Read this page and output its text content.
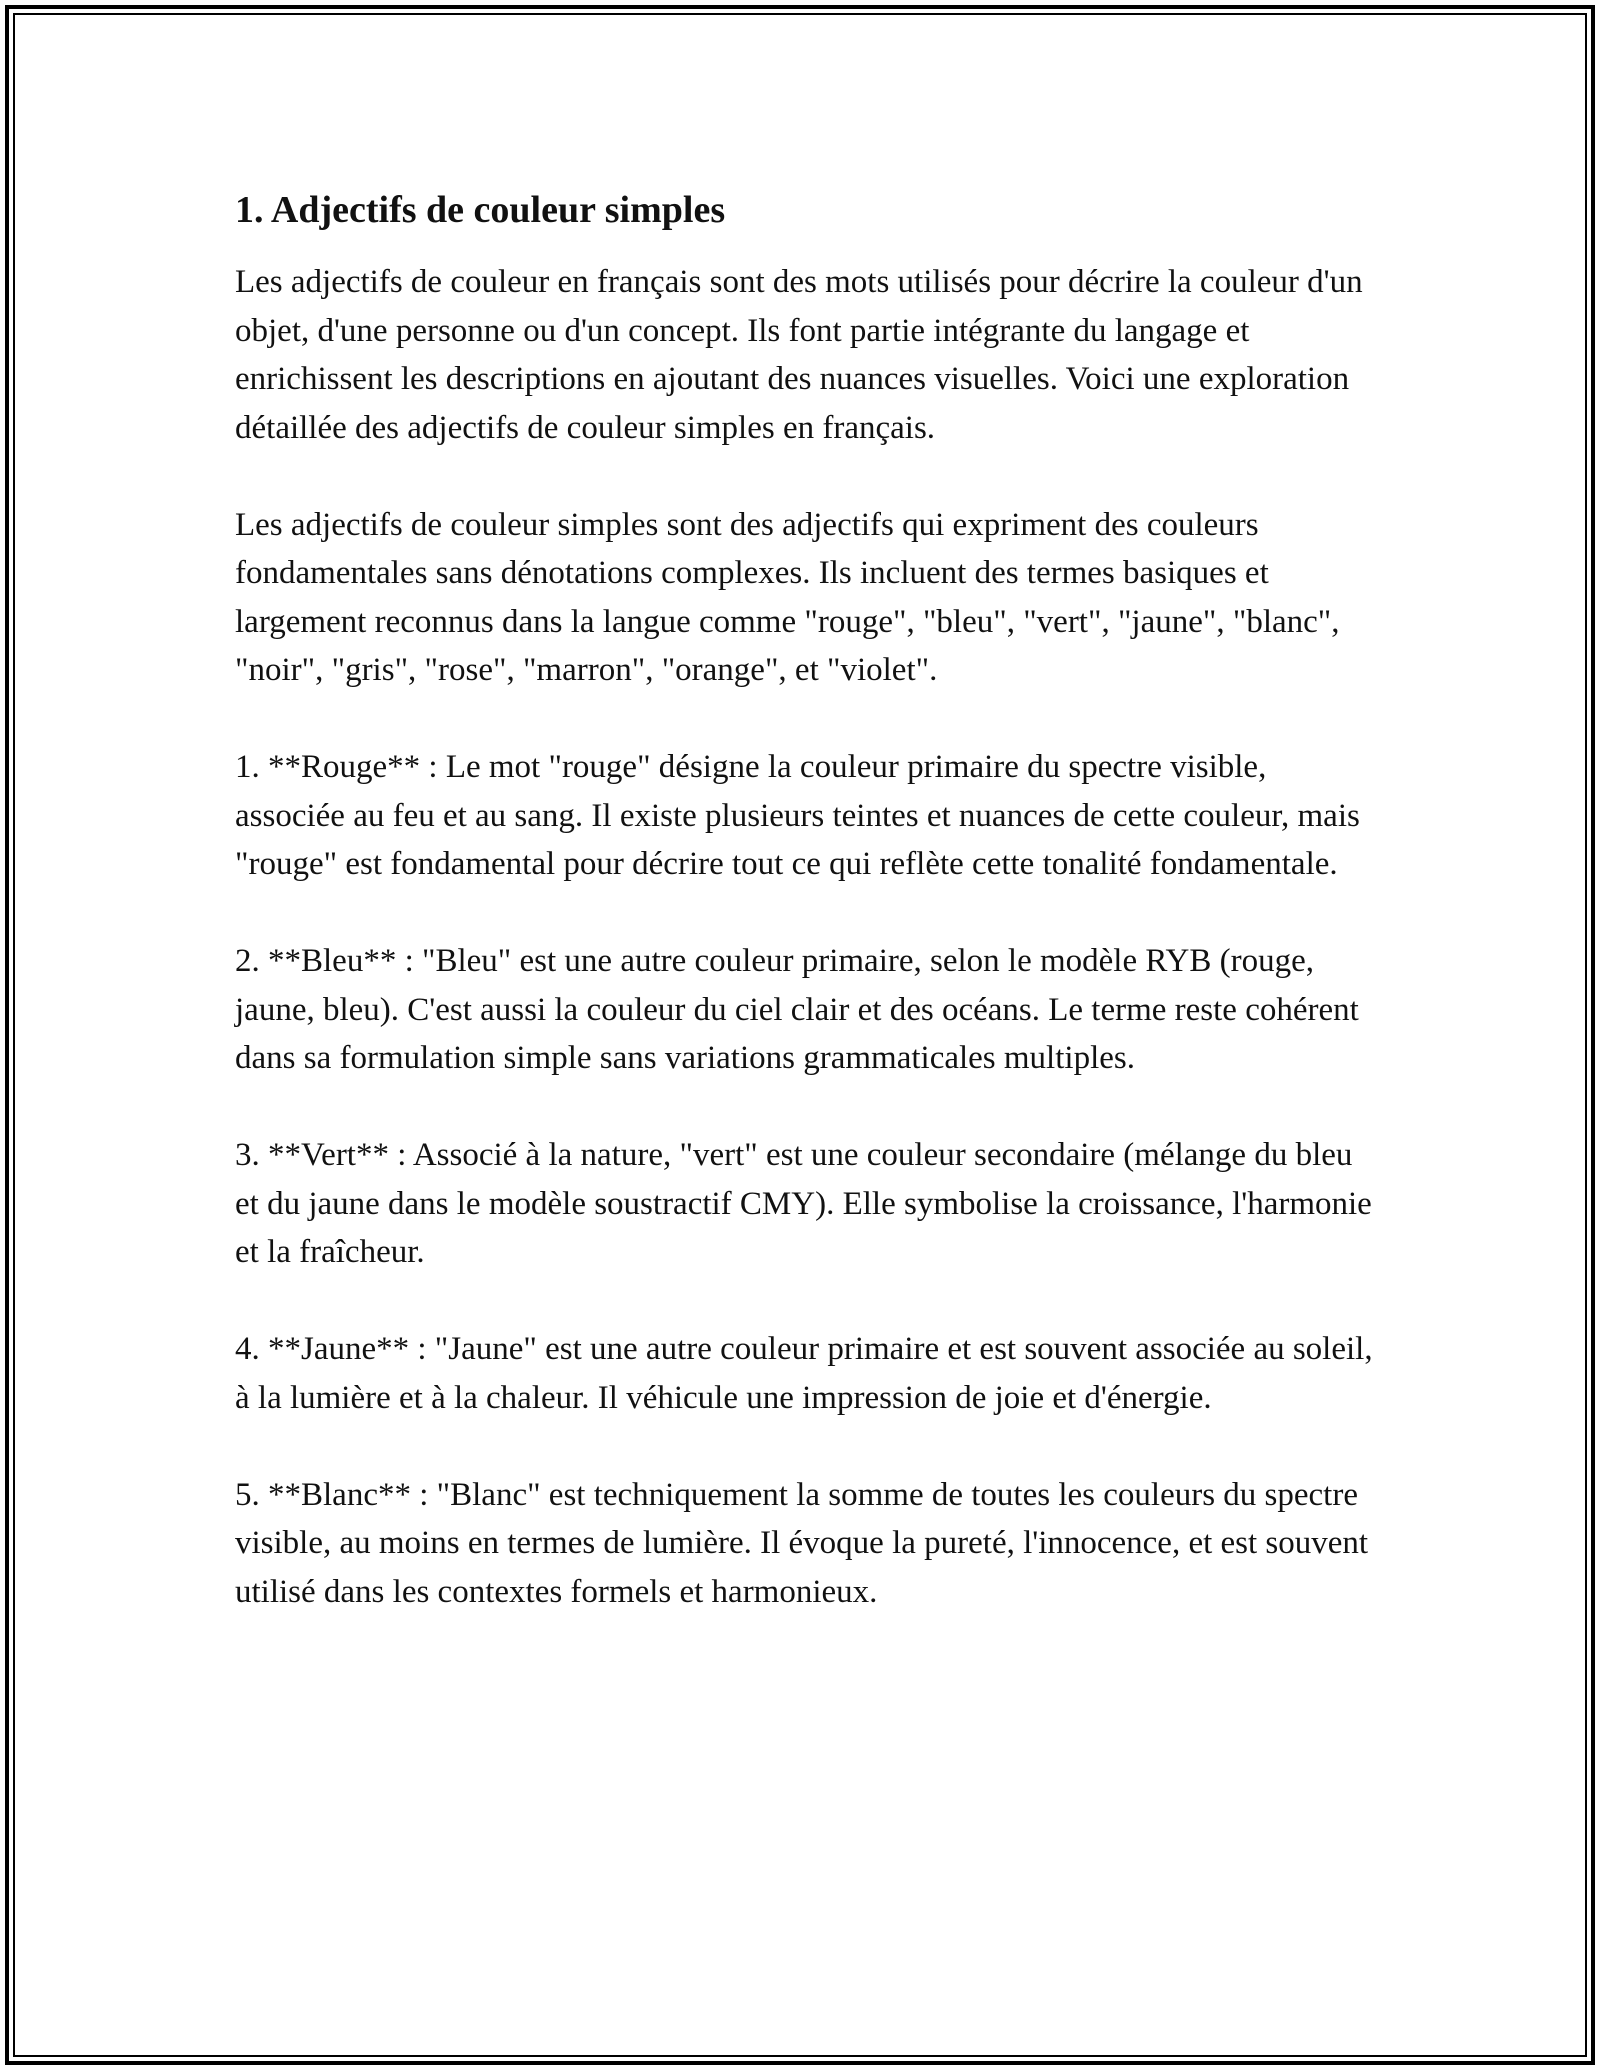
1. Adjectifs de couleur simples

Les adjectifs de couleur en français sont des mots utilisés pour décrire la couleur d'un objet, d'une personne ou d'un concept. Ils font partie intégrante du langage et enrichissent les descriptions en ajoutant des nuances visuelles. Voici une exploration détaillée des adjectifs de couleur simples en français.

Les adjectifs de couleur simples sont des adjectifs qui expriment des couleurs fondamentales sans dénotations complexes. Ils incluent des termes basiques et largement reconnus dans la langue comme "rouge", "bleu", "vert", "jaune", "blanc", "noir", "gris", "rose", "marron", "orange", et "violet".

1. **Rouge** : Le mot "rouge" désigne la couleur primaire du spectre visible, associée au feu et au sang. Il existe plusieurs teintes et nuances de cette couleur, mais "rouge" est fondamental pour décrire tout ce qui reflète cette tonalité fondamentale.

2. **Bleu** : "Bleu" est une autre couleur primaire, selon le modèle RYB (rouge, jaune, bleu). C'est aussi la couleur du ciel clair et des océans. Le terme reste cohérent dans sa formulation simple sans variations grammaticales multiples.

3. **Vert** : Associé à la nature, "vert" est une couleur secondaire (mélange du bleu et du jaune dans le modèle soustractif CMY). Elle symbolise la croissance, l'harmonie et la fraîcheur.

4. **Jaune** : "Jaune" est une autre couleur primaire et est souvent associée au soleil, à la lumière et à la chaleur. Il véhicule une impression de joie et d'énergie.

5. **Blanc** : "Blanc" est techniquement la somme de toutes les couleurs du spectre visible, au moins en termes de lumière. Il évoque la pureté, l'innocence, et est souvent utilisé dans les contextes formels et harmonieux.
